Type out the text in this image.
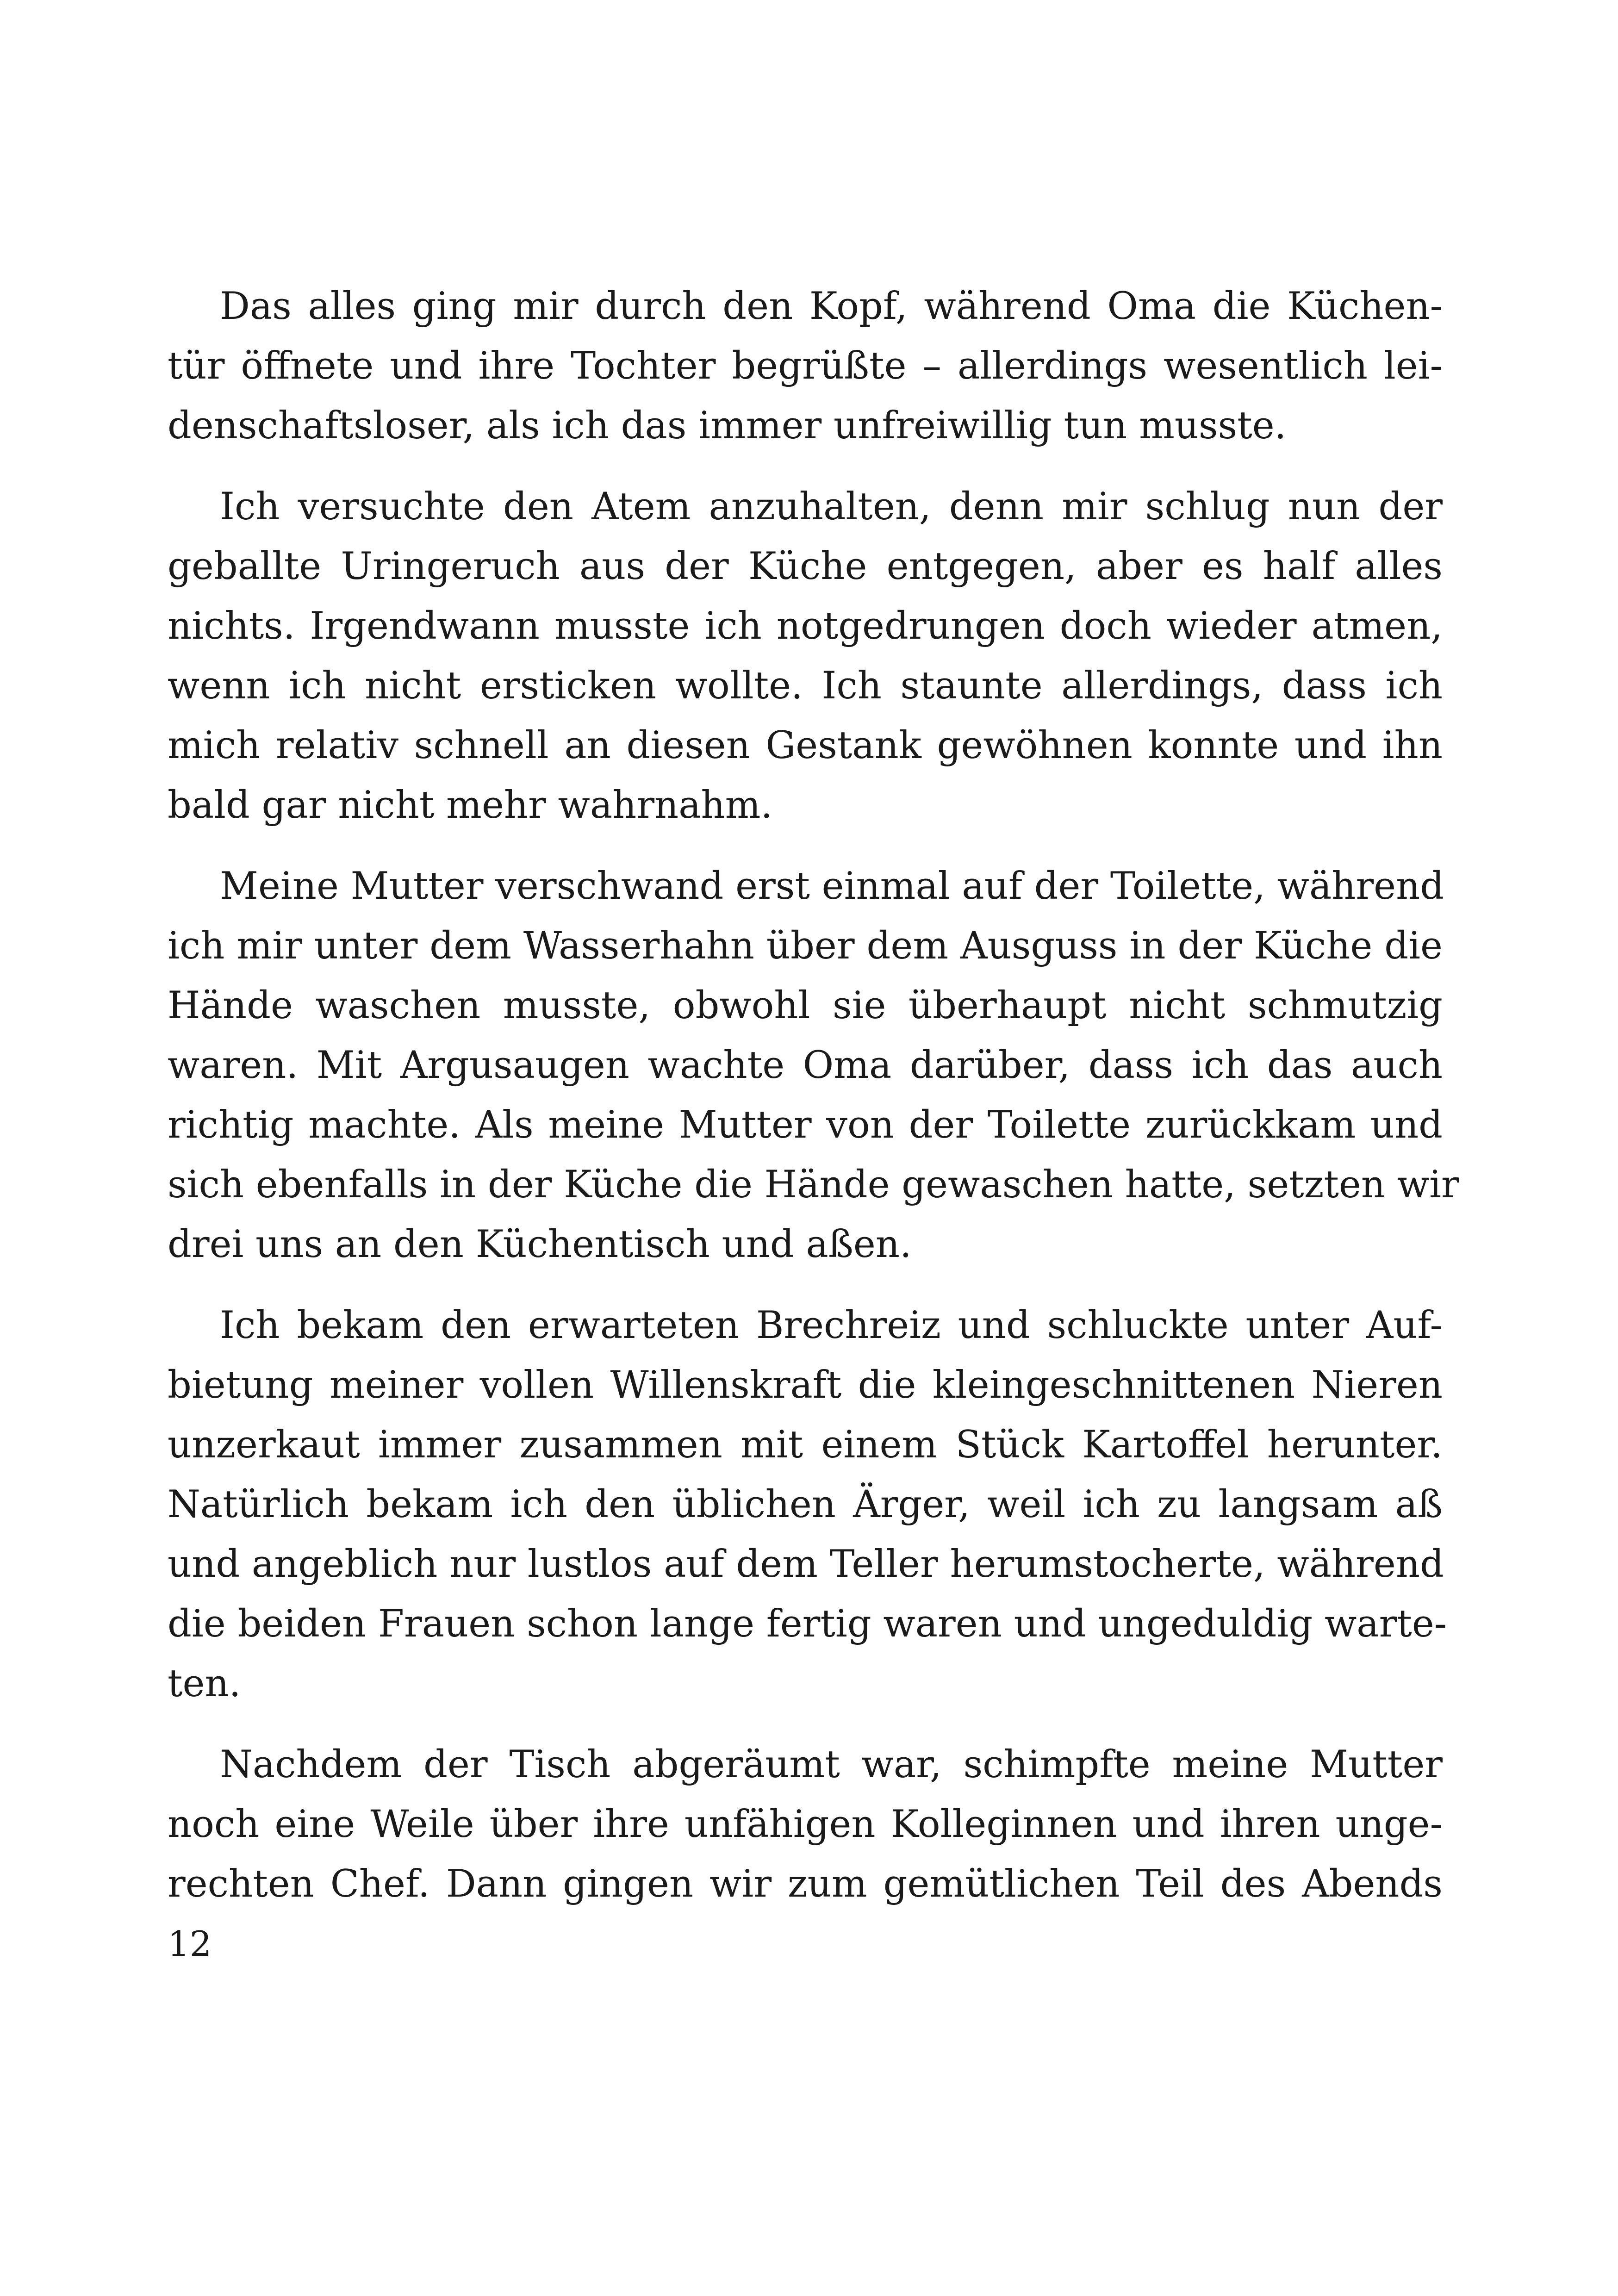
Das alles ging mir durch den Kopf, während Oma die Küchen-
tür öffnete und ihre Tochter begrüßte – allerdings wesentlich lei-
denschaftsloser, als ich das immer unfreiwillig tun musste.
Ich versuchte den Atem anzuhalten, denn mir schlug nun der
geballte Uringeruch aus der Küche entgegen, aber es half alles
nichts. Irgendwann musste ich notgedrungen doch wieder atmen,
wenn ich nicht ersticken wollte. Ich staunte allerdings, dass ich
mich relativ schnell an diesen Gestank gewöhnen konnte und ihn
bald gar nicht mehr wahrnahm.
Meine Mutter verschwand erst einmal auf der Toilette, während
ich mir unter dem Wasserhahn über dem Ausguss in der Küche die
Hände waschen musste, obwohl sie überhaupt nicht schmutzig
waren. Mit Argusaugen wachte Oma darüber, dass ich das auch
richtig machte. Als meine Mutter von der Toilette zurückkam und
sich ebenfalls in der Küche die Hände gewaschen hatte, setzten wir
drei uns an den Küchentisch und aßen.
Ich bekam den erwarteten Brechreiz und schluckte unter Auf-
bietung meiner vollen Willenskraft die kleingeschnittenen Nieren
unzerkaut immer zusammen mit einem Stück Kartoffel herunter.
Natürlich bekam ich den üblichen Ärger, weil ich zu langsam aß
und angeblich nur lustlos auf dem Teller herumstocherte, während
die beiden Frauen schon lange fertig waren und ungeduldig warte-
ten.
Nachdem der Tisch abgeräumt war, schimpfte meine Mutter
noch eine Weile über ihre unfähigen Kolleginnen und ihren unge-
rechten Chef. Dann gingen wir zum gemütlichen Teil des Abends
12
